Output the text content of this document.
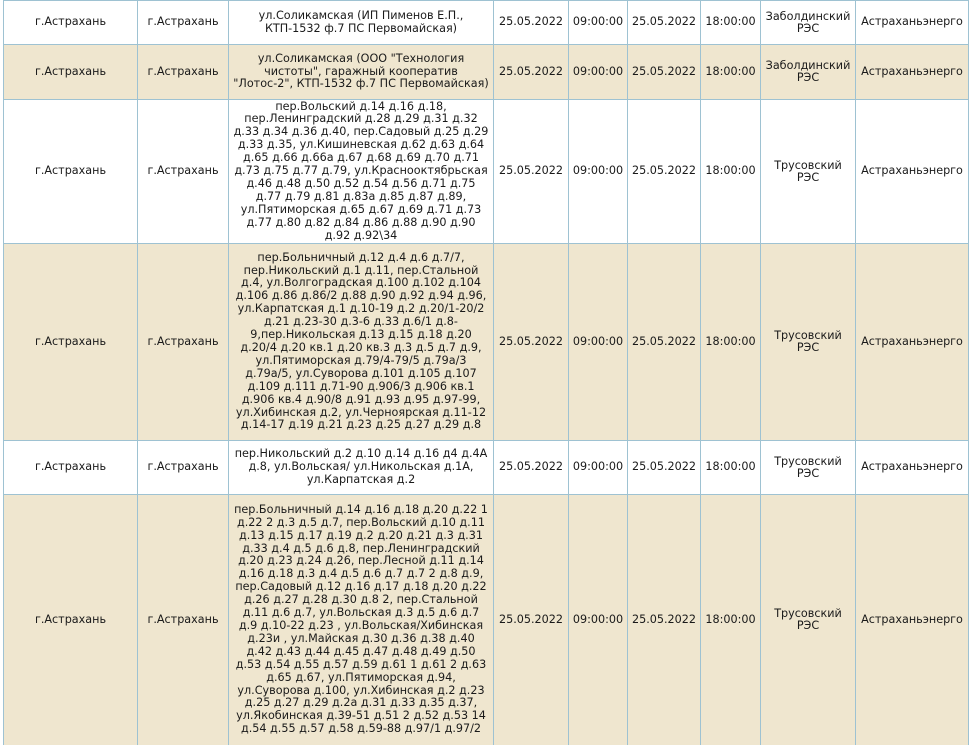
г.Астрахань	г.Астрахань	ул.Соликамская (ИП Пименов Е.П., КТП-1532 ф.7 ПС Первомайская)	25.05.2022	09:00:00	25.05.2022	18:00:00	Заболдинский РЭС	Астраханьэнерго
г.Астрахань	г.Астрахань	ул.Соликамская (ООО "Технология чистоты", гаражный кооператив "Лотос-2", КТП-1532 ф.7 ПС Первомайская)	25.05.2022	09:00:00	25.05.2022	18:00:00	Заболдинский РЭС	Астраханьэнерго
г.Астрахань	г.Астрахань	пер.Вольский д.14 д.16 д.18, пер.Ленинградский д.28 д.29 д.31 д.32 д.33 д.34 д.36 д.40, пер.Садовый д.25 д.29 д.33 д.35, ул.Кишиневская д.62 д.63 д.64 д.65 д.66 д.66а д.67 д.68 д.69 д.70 д.71 д.73 д.75 д.77 д.79, ул.Краснооктябрьская д.46 д.48 д.50 д.52 д.54 д.56 д.71 д.75 д.77 д.79 д.81 д.83а д.85 д.87 д.89, ул.Пятиморская д.65 д.67 д.69 д.71 д.73 д.77 д.80 д.82 д.84 д.86 д.88 д.90 д.90 д.92 д.92\34	25.05.2022	09:00:00	25.05.2022	18:00:00	Трусовский РЭС	Астраханьэнерго
г.Астрахань	г.Астрахань	пер.Больничный д.12 д.4 д.6 д.7/7, пер.Никольский д.1 д.11, пер.Стальной д.4, ул.Волгоградская д.100 д.102 д.104 д.106 д.86 д.86/2 д.88 д.90 д.92 д.94 д.96, ул.Карпатская д.1 д.10-19 д.2 д.20/1-20/2 д.21 д.23-30 д.3-6 д.33 д.6/1 д.8-9,пер.Никольская д.13 д.15 д.18 д.20 д.20/4 д.20 кв.1 д.20 кв.3 д.3 д.5 д.7 д.9, ул.Пятиморская д.79/4-79/5 д.79а/3 д.79а/5, ул.Суворова д.101 д.105 д.107 д.109 д.111 д.71-90 д.906/3 д.906 кв.1 д.906 кв.4 д.90/8 д.91 д.93 д.95 д.97-99, ул.Хибинская д.2, ул.Черноярская д.11-12 д.14-17 д.19 д.21 д.23 д.25 д.27 д.29 д.8	25.05.2022	09:00:00	25.05.2022	18:00:00	Трусовский РЭС	Астраханьэнерго
г.Астрахань	г.Астрахань	пер.Никольский д.2 д.10 д.14 д.16 д4 д.4А д.8, ул.Вольская/ ул.Никольская д.1А, ул.Карпатская д.2	25.05.2022	09:00:00	25.05.2022	18:00:00	Трусовский РЭС	Астраханьэнерго
г.Астрахань	г.Астрахань	пер.Больничный д.14 д.16 д.18 д.20 д.22 1 д.22 2 д.3 д.5 д.7, пер.Вольский д.10 д.11 д.13 д.15 д.17 д.19 д.2 д.20 д.21 д.3 д.31 д.33 д.4 д.5 д.6 д.8, пер.Ленинградский д.20 д.23 д.24 д.26, пер.Лесной д.11 д.14 д.16 д.18 д.3 д.4 д.5 д.6 д.7 д.7 2 д.8 д.9, пер.Садовый д.12 д.16 д.17 д.18 д.20 д.22 д.26 д.27 д.28 д.30 д.8 2, пер.Стальной д.11 д.6 д.7, ул.Вольская д.3 д.5 д.6 д.7 д.9 д.10-22 д.23 , ул.Вольская/Хибинская д.23и , ул.Майская д.30 д.36 д.38 д.40 д.42 д.43 д.44 д.45 д.47 д.48 д.49 д.50 д.53 д.54 д.55 д.57 д.59 д.61 1 д.61 2 д.63 д.65 д.67, ул.Пятиморская д.94, ул.Суворова д.100, ул.Хибинская д.2 д.23 д.25 д.27 д.29 д.2а д.31 д.33 д.35 д.37, ул.Якобинская д.39-51 д.51 2 д.52 д.53 14 д.54 д.55 д.57 д.58 д.59-88 д.97/1 д.97/2	25.05.2022	09:00:00	25.05.2022	18:00:00	Трусовский РЭС	Астраханьэнерго
